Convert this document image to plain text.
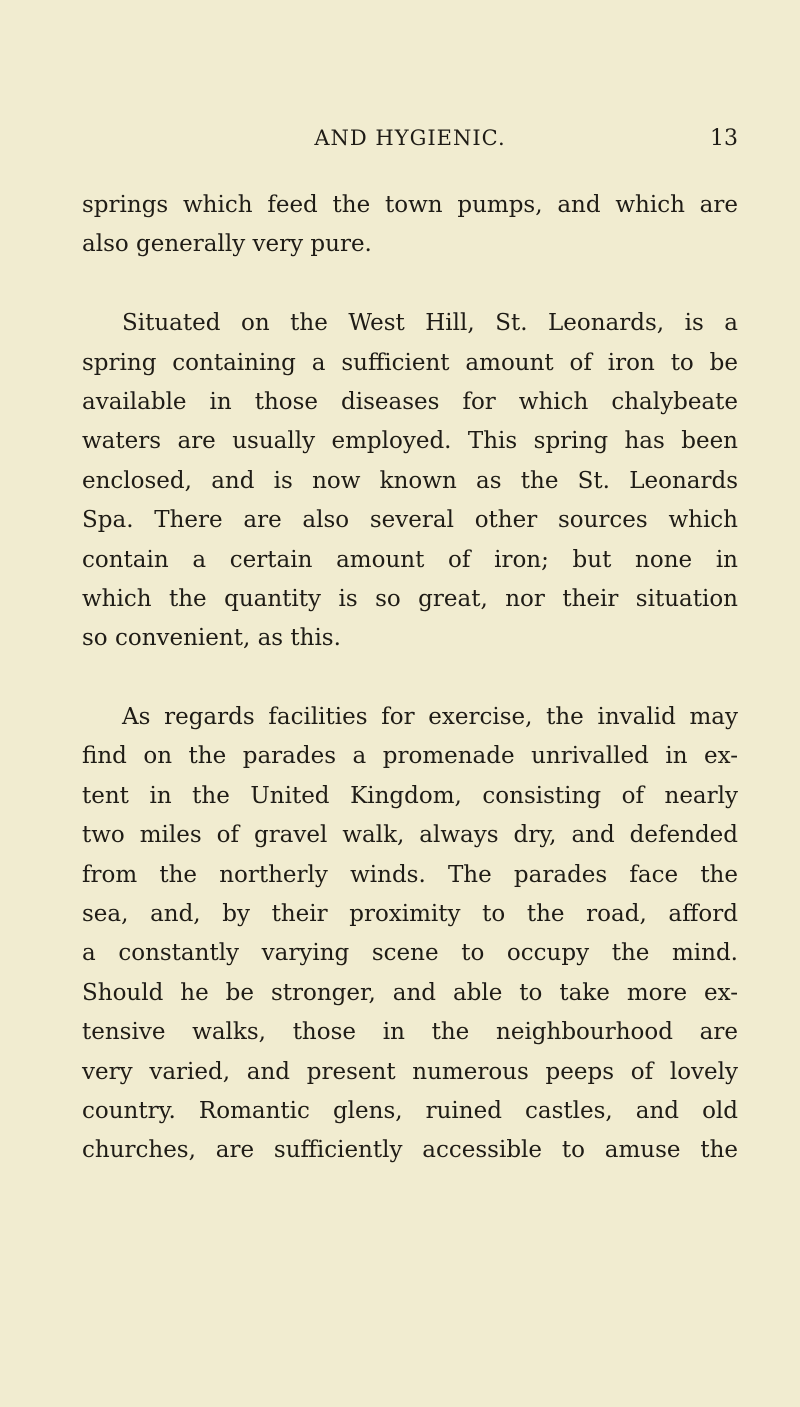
AND HYGIENIC.	13
springs which feed the town pumps, and which are
also generally very pure.
Situated on the West Hill, St. Leonards, is a
spring containing a sufficient amount of iron to be
available in those diseases for which chalybeate
waters are usually employed. This spring has been
enclosed, and is now known as the St. Leonards
Spa. There are also several other sources which
contain a certain amount of iron; but none in
which the quantity is so great, nor their situation
so convenient, as this.
As regards facilities for exercise, the invalid may
find on the parades a promenade unrivalled in ex-
tent in the United Kingdom, consisting of nearly
two miles of gravel walk, always dry, and defended
from the northerly winds. The parades face the
sea, and, by their proximity to the road, afford
a constantly varying scene to occupy the mind.
Should he be stronger, and able to take more ex-
tensive walks, those in the neighbourhood are
very varied, and present numerous peeps of lovely
country. Romantic glens, ruined castles, and old
churches, are sufficiently accessible to amuse the
